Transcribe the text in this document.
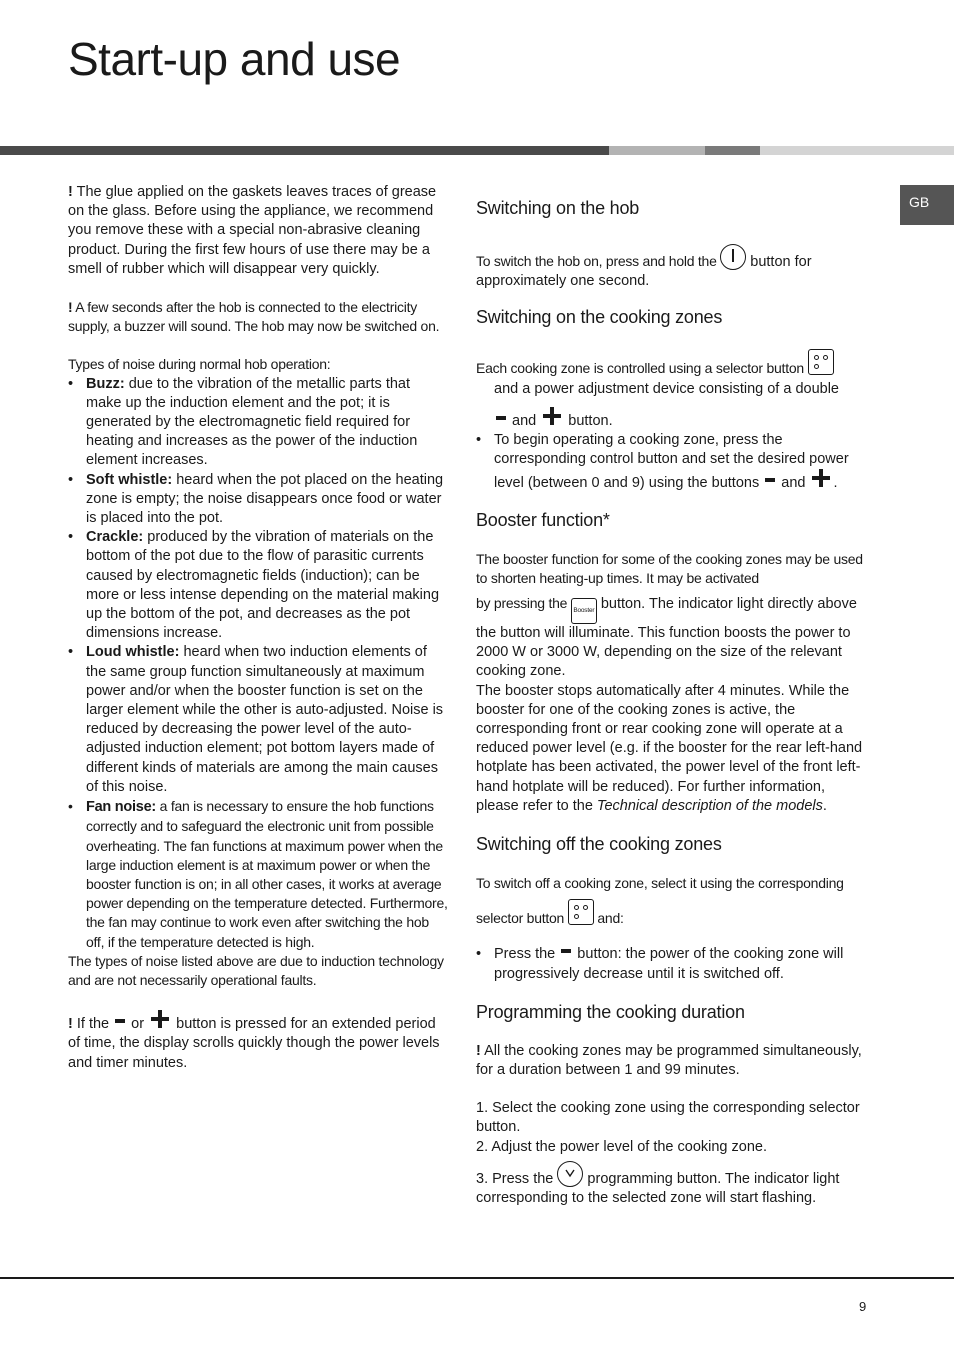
Start-up and use
GB

! The glue applied on the gaskets leaves traces of grease on the glass. Before using the appliance, we recommend you remove these with a special non-abrasive cleaning product. During the first few hours of use there may be a smell of rubber which will disappear very quickly.

! A few seconds after the hob is connected to the electricity supply, a buzzer will sound. The hob may now be switched on.

Types of noise during normal hob operation:

• Buzz: due to the vibration of the metallic parts that make up the induction element and the pot; it is generated by the electromagnetic field required for heating and increases as the power of the induction element increases.
• Soft whistle: heard when the pot placed on the heating zone is empty; the noise disappears once food or water is placed into the pot.
• Crackle: produced by the vibration of materials on the bottom of the pot due to the flow of parasitic currents caused by electromagnetic fields (induction); can be more or less intense depending on the material making up the bottom of the pot, and decreases as the pot dimensions increase.
• Loud whistle: heard when two induction elements of the same group function simultaneously at maximum power and/or when the booster function is set on the larger element while the other is auto-adjusted. Noise is reduced by decreasing the power level of the auto-adjusted induction element; pot bottom layers made of different kinds of materials are among the main causes of this noise.
• Fan noise: a fan is necessary to ensure the hob functions correctly and to safeguard the electronic unit from possible overheating. The fan functions at maximum power when the large induction element is at maximum power or when the booster function is on; in all other cases, it works at average power depending on the temperature detected. Furthermore, the fan may continue to work even after switching the hob off, if the temperature detected is high.

The types of noise listed above are due to induction technology and are not necessarily operational faults.

! If the  or  button is pressed for an extended period of time, the display scrolls quickly though the power levels and timer minutes.

Switching on the hob

To switch the hob on, press and hold the  button for approximately one second.

Switching on the cooking zones

Each cooking zone is controlled using a selector button

and a power adjustment device consisting of a double

and  button.

• To begin operating a cooking zone, press the corresponding control button and set the desired power
level (between 0 and 9) using the buttons  and .
Booster function*

The booster function for some of the cooking zones may be used to shorten heating-up times. It may be activated

by pressing the Booster button. The indicator light directly above the button will illuminate. This function boosts the power to 2000 W or 3000 W, depending on the size of the relevant cooking zone.

The booster stops automatically after 4 minutes. While the booster for one of the cooking zones is active, the corresponding front or rear cooking zone will operate at a reduced power level (e.g. if the booster for the rear left-hand hotplate has been activated, the power level of the front left-hand hotplate will be reduced). For further information, please refer to the Technical description of the models.

Switching off the cooking zones

To switch off a cooking zone, select it using the corresponding

selector button
and:

• Press the  button: the power of the cooking zone will progressively decrease until it is switched off.
Programming the cooking duration

! All the cooking zones may be programmed simultaneously, for a duration between 1 and 99 minutes.

1. Select the cooking zone using the corresponding selector button.

2. Adjust the power level of the cooking zone.

3. Press the
programming button. The indicator light corresponding to the selected zone will start flashing.

9
